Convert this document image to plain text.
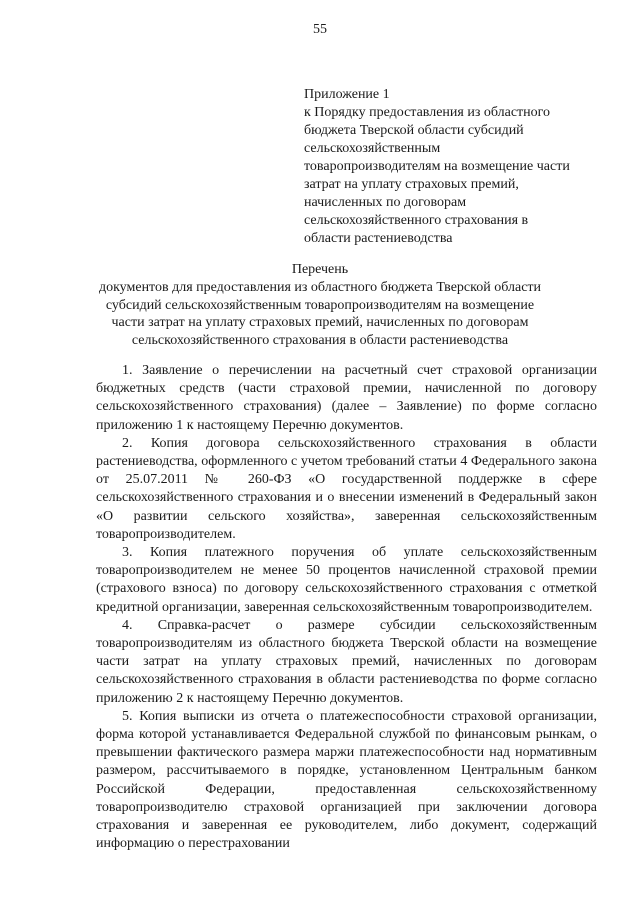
55
Приложение 1
к Порядку предоставления из областного
бюджета Тверской области субсидий
сельскохозяйственным
товаропроизводителям на возмещение части
затрат на уплату страховых премий,
начисленных по договорам
сельскохозяйственного страхования в
области растениеводства
Перечень
документов для предоставления из областного бюджета Тверской области
субсидий сельскохозяйственным товаропроизводителям на возмещение
части затрат на уплату страховых премий, начисленных по договорам
сельскохозяйственного страхования в области растениеводства

1. Заявление о перечислении на расчетный счет страховой организации бюджетных средств (части страховой премии, начисленной по договору сельскохозяйственного страхования) (далее – Заявление) по форме согласно приложению 1 к настоящему Перечню документов.

2. Копия договора сельскохозяйственного страхования в области растениеводства, оформленного с учетом требований статьи 4 Федерального закона от 25.07.2011 № 260-ФЗ «О государственной поддержке в сфере сельскохозяйственного страхования и о внесении изменений в Федеральный закон «О развитии сельского хозяйства», заверенная сельскохозяйственным товаропроизводителем.

3. Копия платежного поручения об уплате сельскохозяйственным товаропроизводителем не менее 50 процентов начисленной страховой премии (страхового взноса) по договору сельскохозяйственного страхования с отметкой кредитной организации, заверенная сельскохозяйственным товаропроизводителем.

4. Справка-расчет о размере субсидии сельскохозяйственным товаропроизводителям из областного бюджета Тверской области на возмещение части затрат на уплату страховых премий, начисленных по договорам сельскохозяйственного страхования в области растениеводства по форме согласно приложению 2 к настоящему Перечню документов.

5. Копия выписки из отчета о платежеспособности страховой организации, форма которой устанавливается Федеральной службой по финансовым рынкам, о превышении фактического размера маржи платежеспособности над нормативным размером, рассчитываемого в порядке, установленном Центральным банком Российской Федерации, предоставленная сельскохозяйственному товаропроизводителю страховой организацией при заключении договора страхования и заверенная ее руководителем, либо документ, содержащий информацию о перестраховании
